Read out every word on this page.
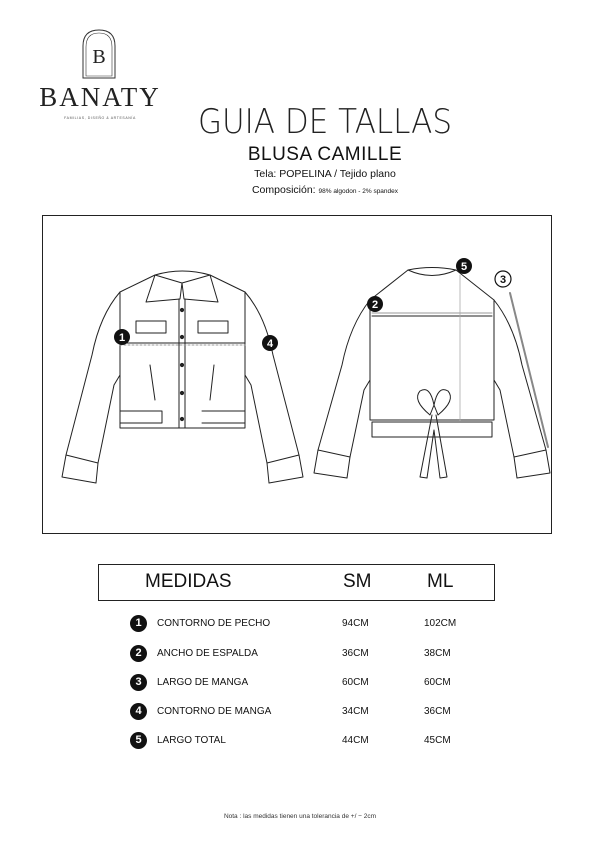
B
BANATY
FAMILIAS, DISEÑO & ARTESANÍA	GUIA DE TALLAS
BLUSA CAMILLE
Tela: POPELINA / Tejido plano
Composición: 98% algodon - 2% spandex
1	4
2
5
3
MEDIDAS	SM	ML
1	CONTORNO DE PECHO	94CM	102CM
2	ANCHO DE ESPALDA	36CM	38CM
3	LARGO DE MANGA	60CM	60CM
4	CONTORNO DE MANGA	34CM	36CM
5	LARGO TOTAL	44CM	45CM
Nota : las medidas tienen una tolerancia de +/ − 2cm
